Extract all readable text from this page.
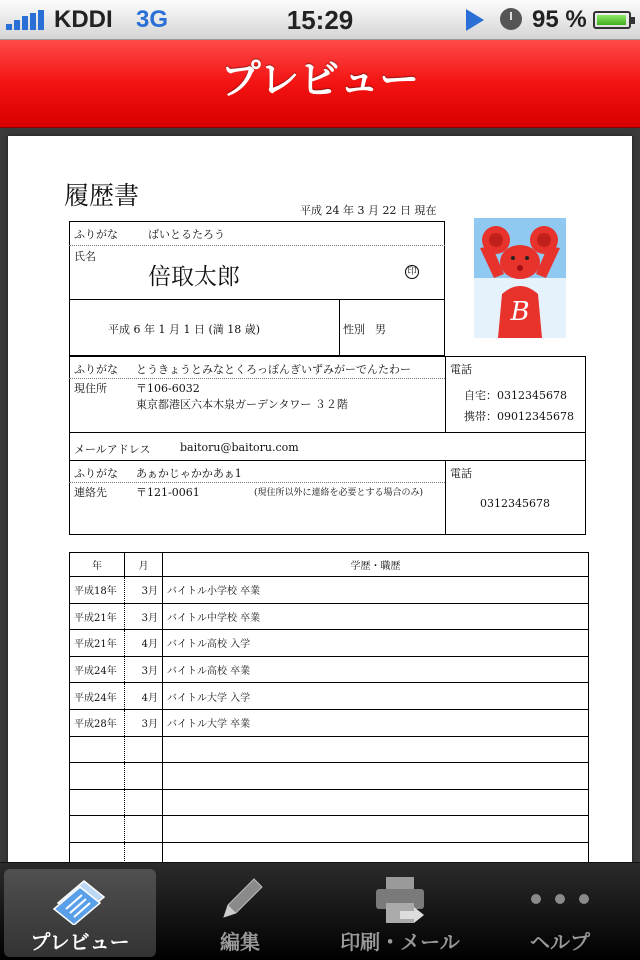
KDDI 3G	15:29	95 %
プレビュー
履歴書
平成 24 年 3 月 22 日 現在
ふりがな	ばいとるたろう
氏名
倍取太郎	印
平成 6 年 1 月 1 日 (満 18 歳)	性別 男
B
ふりがな とうきょうとみなとくろっぽんぎいずみがーでんたわー
現住所	〒106-6032
東京都港区六本木泉ガーデンタワー ３２階
電話
自宅：0312345678
携帯：09012345678
メールアドレス	baitoru@baitoru.com
ふりがな あぁかじゃかかあぁ1
連絡先	〒121-0061	(現住所以外に連絡を必要とする場合のみ)
電話
0312345678
年	月	学歴・職歴
平成18年	3月	バイトル小学校 卒業
平成21年	3月	バイトル中学校 卒業
平成21年	4月	バイトル高校 入学
平成24年	3月	バイトル高校 卒業
平成24年	4月	バイトル大学 入学
平成28年	3月	バイトル大学 卒業

プレビュー	編集	印刷・メール	ヘルプ
